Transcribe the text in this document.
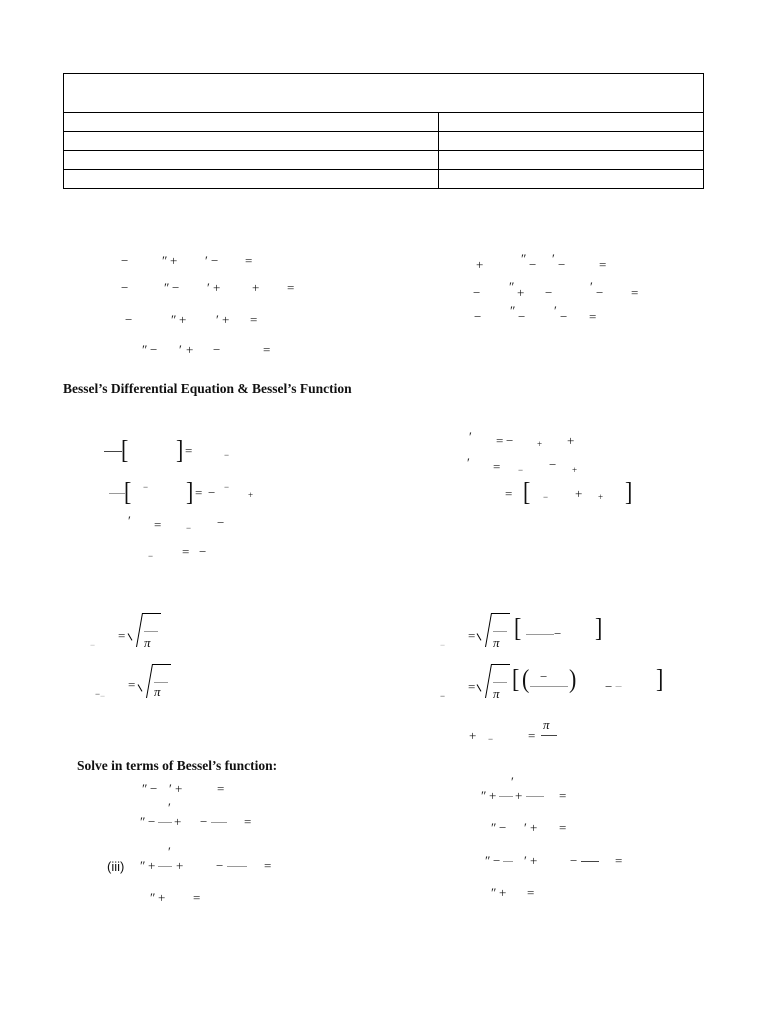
−	″ + ′ − =
−	″ − ′ + + =
−	″ + ′ + =
″ − ′ + −	=
+	″ − ′ −	=
− ″ + −	′ − =
− ″ − ′ − =
Bessel’s Differential Equation & Bessel’s Function
[ ] =	−
[ − ] = − −
+
′ =	− −
− = −
′ = −	+ +
′ = − − +
= [ − + + ]
−
= π
− −
= π
−
= π
[	− ]
−
= π
[ ( − ) − − ]
+ −	=
π
Solve in terms of Bessel’s function:
″ − ′ +	=
′
″ − + −	=
(iii)
′
″ + +	−	=
″ + =
′
″ + +	=
″ − ′ + =
″ − ′ +	−	=
″ + =
